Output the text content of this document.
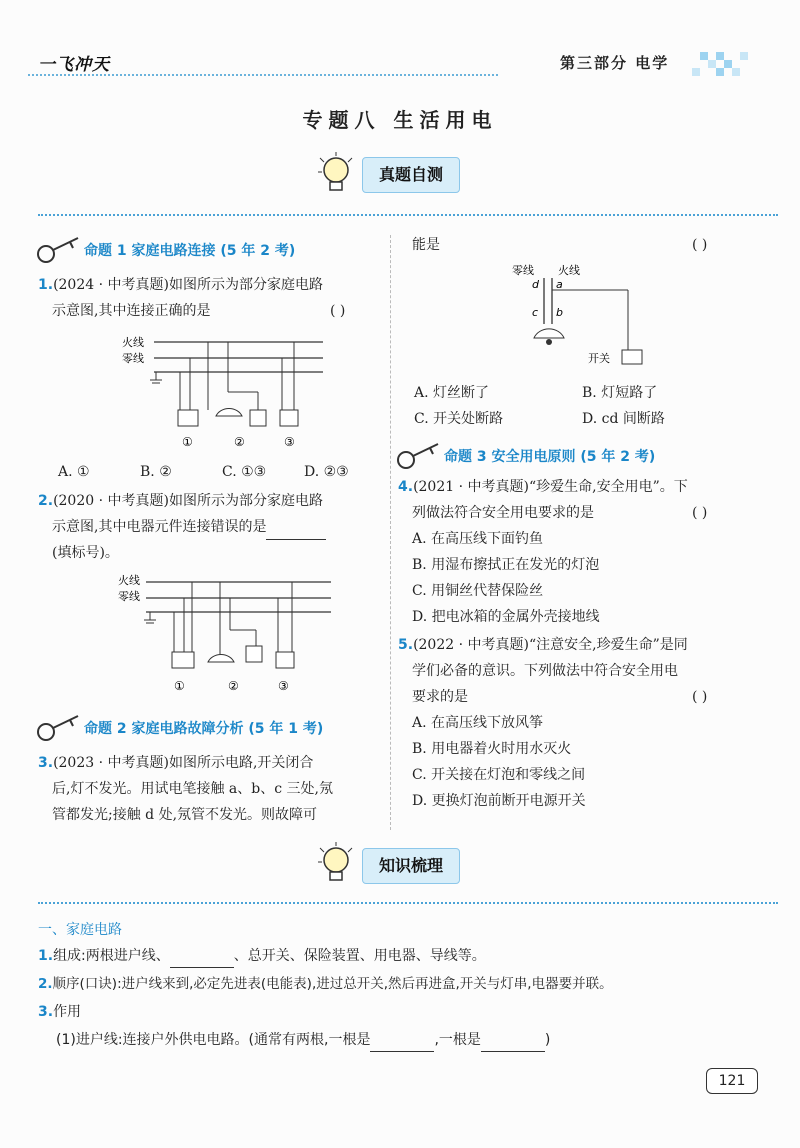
一飞冲天	第三部分 电学
专题八 生活用电
真题自测
命题 1 家庭电路连接 (5 年 2 考)
1.(2024 · 中考真题)如图所示为部分家庭电路
示意图,其中连接正确的是	( )
火线
零线
①	②	③
A. ①	B. ②	C. ①③	D. ②③
2.(2020 · 中考真题)如图所示为部分家庭电路
示意图,其中电器元件连接错误的是
(填标号)。
火线
零线
①	②	③
命题 2 家庭电路故障分析 (5 年 1 考)
3.(2023 · 中考真题)如图所示电路,开关闭合
后,灯不发光。用试电笔接触 a、b、c 三处,氖
管都发光;接触 d 处,氖管不发光。则故障可
能是	( )
零线 火线
d a
c b
开关
A. 灯丝断了	B. 灯短路了
C. 开关处断路	D. cd 间断路
命题 3 安全用电原则 (5 年 2 考)
4.(2021 · 中考真题)“珍爱生命,安全用电”。下
列做法符合安全用电要求的是	( )
A. 在高压线下面钓鱼
B. 用湿布擦拭正在发光的灯泡
C. 用铜丝代替保险丝
D. 把电冰箱的金属外壳接地线
5.(2022 · 中考真题)“注意安全,珍爱生命”是同
学们必备的意识。下列做法中符合安全用电
要求的是	( )
A. 在高压线下放风筝
B. 用电器着火时用水灭火
C. 开关接在灯泡和零线之间
D. 更换灯泡前断开电源开关
知识梳理
一、家庭电路
1.组成:两根进户线、	、总开关、保险装置、用电器、导线等。
2.顺序(口诀):进户线来到,必定先进表(电能表),进过总开关,然后再进盒,开关与灯串,电器要并联。
3.作用
(1)进户线:连接户外供电电路。(通常有两根,一根是	,一根是	)
121
